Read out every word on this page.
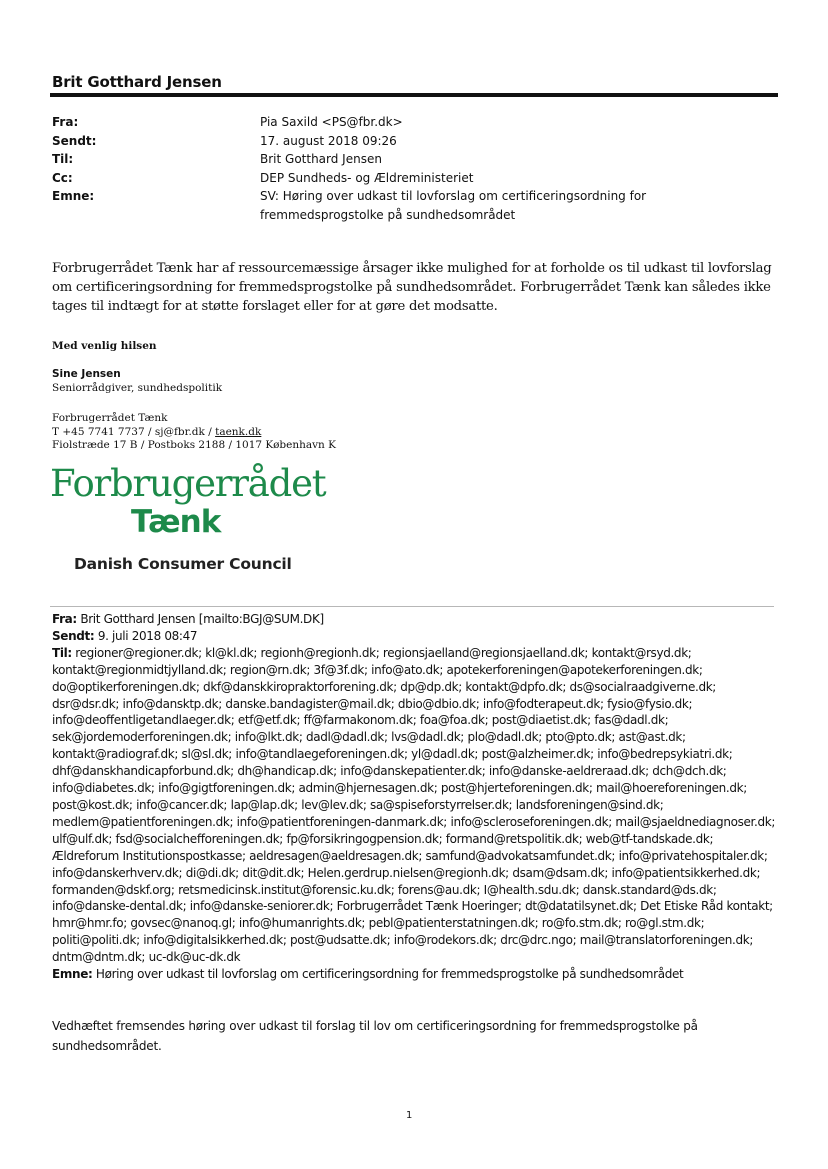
Brit Gotthard Jensen
Fra:	Pia Saxild <PS@fbr.dk>
Sendt:	17. august 2018 09:26
Til:	Brit Gotthard Jensen
Cc:	DEP Sundheds- og Ældreministeriet
Emne:	SV: Høring over udkast til lovforslag om certificeringsordning for fremmedsprogstolke på sundhedsområdet
Forbrugerrådet Tænk har af ressourcemæssige årsager ikke mulighed for at forholde os til udkast til lovforslag om certificeringsordning for fremmedsprogstolke på sundhedsområdet. Forbrugerrådet Tænk kan således ikke tages til indtægt for at støtte forslaget eller for at gøre det modsatte.
Med venlig hilsen
Sine Jensen
Seniorrådgiver, sundhedspolitik
Forbrugerrådet Tænk
T +45 7741 7737 / sj@fbr.dk / taenk.dk
Fiolstræde 17 B / Postboks 2188 / 1017 København K
Forbrugerrådet
Tænk
Danish Consumer Council

Fra: Brit Gotthard Jensen [mailto:BGJ@SUM.DK]

Sendt: 9. juli 2018 08:47

Til: regioner@regioner.dk; kl@kl.dk; regionh@regionh.dk; regionsjaelland@regionsjaelland.dk; kontakt@rsyd.dk; kontakt@regionmidtjylland.dk; region@rn.dk; 3f@3f.dk; info@ato.dk; apotekerforeningen@apotekerforeningen.dk; do@optikerforeningen.dk; dkf@danskkiropraktorforening.dk; dp@dp.dk; kontakt@dpfo.dk; ds@socialraadgiverne.dk; dsr@dsr.dk; info@dansktp.dk; danske.bandagister@mail.dk; dbio@dbio.dk; info@fodterapeut.dk; fysio@fysio.dk; info@deoffentligetandlaeger.dk; etf@etf.dk; ff@farmakonom.dk; foa@foa.dk; post@diaetist.dk; fas@dadl.dk; sek@jordemoderforeningen.dk; info@lkt.dk; dadl@dadl.dk; lvs@dadl.dk; plo@dadl.dk; pto@pto.dk; ast@ast.dk; kontakt@radiograf.dk; sl@sl.dk; info@tandlaegeforeningen.dk; yl@dadl.dk; post@alzheimer.dk; info@bedrepsykiatri.dk; dhf@danskhandicapforbund.dk; dh@handicap.dk; info@danskepatienter.dk; info@danske-aeldreraad.dk; dch@dch.dk; info@diabetes.dk; info@gigtforeningen.dk; admin@hjernesagen.dk; post@hjerteforeningen.dk; mail@hoereforeningen.dk; post@kost.dk; info@cancer.dk; lap@lap.dk; lev@lev.dk; sa@spiseforstyrrelser.dk; landsforeningen@sind.dk; medlem@patientforeningen.dk; info@patientforeningen-danmark.dk; info@scleroseforeningen.dk; mail@sjaeldnediagnoser.dk; ulf@ulf.dk; fsd@socialchefforeningen.dk; fp@forsikringogpension.dk; formand@retspolitik.dk; web@tf-tandskade.dk; Ældreforum Institutionspostkasse; aeldresagen@aeldresagen.dk; samfund@advokatsamfundet.dk; info@privatehospitaler.dk; info@danskerhverv.dk; di@di.dk; dit@dit.dk; Helen.gerdrup.nielsen@regionh.dk; dsam@dsam.dk; info@patientsikkerhed.dk; formanden@dskf.org; retsmedicinsk.institut@forensic.ku.dk; forens@au.dk; I@health.sdu.dk; dansk.standard@ds.dk; info@danske-dental.dk; info@danske-seniorer.dk; Forbrugerrådet Tænk Hoeringer; dt@datatilsynet.dk; Det Etiske Råd kontakt; hmr@hmr.fo; govsec@nanoq.gl; info@humanrights.dk; pebl@patienterstatningen.dk; ro@fo.stm.dk; ro@gl.stm.dk; politi@politi.dk; info@digitalsikkerhed.dk; post@udsatte.dk; info@rodekors.dk; drc@drc.ngo; mail@translatorforeningen.dk; dntm@dntm.dk; uc-dk@uc-dk.dk

Emne: Høring over udkast til lovforslag om certificeringsordning for fremmedsprogstolke på sundhedsområdet

Vedhæftet fremsendes høring over udkast til forslag til lov om certificeringsordning for fremmedsprogstolke på sundhedsområdet.
1
